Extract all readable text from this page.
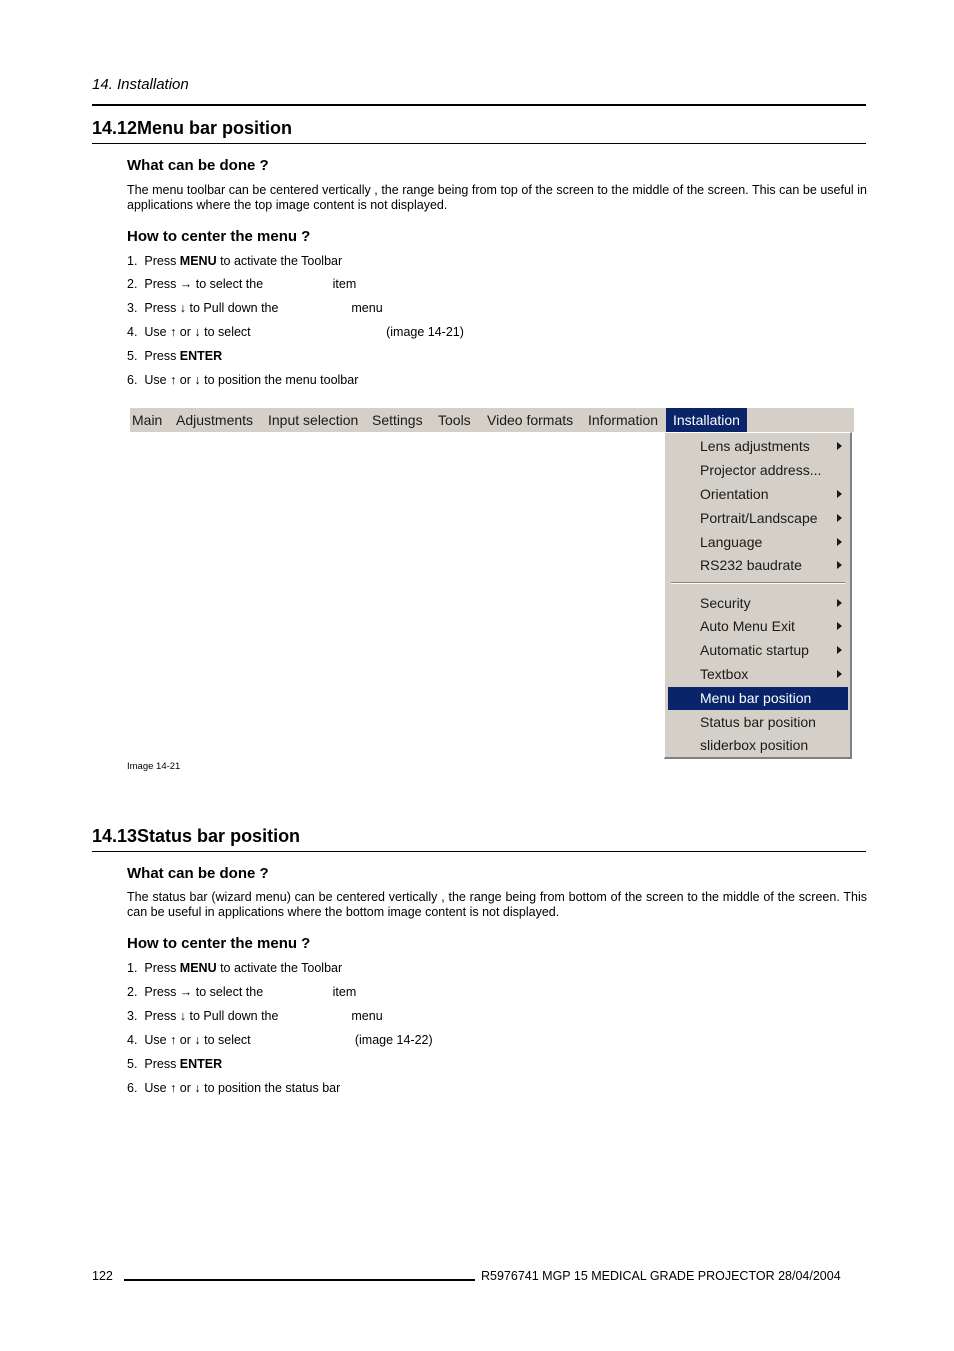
14. Installation
14.12Menu bar position
What can be done ?
The menu toolbar can be centered vertically , the range being from top of the screen to the middle of the screen. This can be useful in applications where the top image content is not displayed.
How to center the menu ?
1.  Press MENU to activate the Toolbar
2.  Press → to select the                    item
3.  Press ↓ to Pull down the                     menu
4.  Use ↑ or ↓ to select                                       (image 14-21)
5.  Press ENTER
6.  Use ↑ or ↓ to position the menu toolbar
Main Adjustments Input selection Settings Tools Video formats Information	Installation
Lens adjustments
Projector address...
Orientation
Portrait/Landscape
Language
RS232 baudrate
Security
Auto Menu Exit
Automatic startup
Textbox
Menu bar position
Status bar position
sliderbox position
Image 14-21
14.13Status bar position
What can be done ?
The status bar (wizard menu) can be centered vertically , the range being from bottom of the screen to the middle of the screen. This can be useful in applications where the bottom image content is not displayed.
How to center the menu ?
1.  Press MENU to activate the Toolbar
2.  Press → to select the                    item
3.  Press ↓ to Pull down the                     menu
4.  Use ↑ or ↓ to select                              (image 14-22)
5.  Press ENTER
6.  Use ↑ or ↓ to position the status bar
122	R5976741 MGP 15 MEDICAL GRADE PROJECTOR 28/04/2004
